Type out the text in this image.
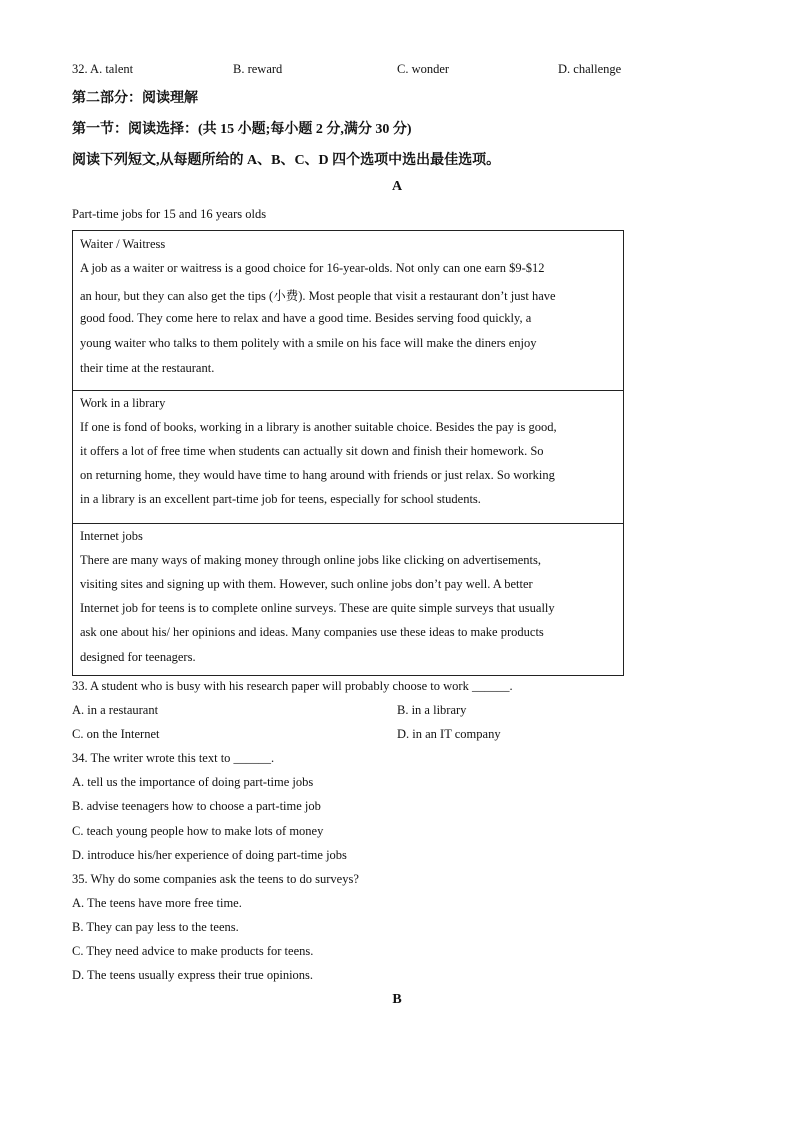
32. A. talent	B. reward	C. wonder	D. challenge
第二部分：阅读理解
第一节：阅读选择：(共 15 小题;每小题 2 分,满分 30 分)
阅读下列短文,从每题所给的 A、B、C、D 四个选项中选出最佳选项。
A
Part-time jobs for 15 and 16 years olds
Waiter / Waitress
A job as a waiter or waitress is a good choice for 16-year-olds. Not only can one earn $9-$12
an hour, but they can also get the tips (小费). Most people that visit a restaurant don’t just have
good food. They come here to relax and have a good time. Besides serving food quickly, a
young waiter who talks to them politely with a smile on his face will make the diners enjoy
their time at the restaurant.
Work in a library
If one is fond of books, working in a library is another suitable choice. Besides the pay is good,
it offers a lot of free time when students can actually sit down and finish their homework. So
on returning home, they would have time to hang around with friends or just relax. So working
in a library is an excellent part-time job for teens, especially for school students.
Internet jobs
There are many ways of making money through online jobs like clicking on advertisements,
visiting sites and signing up with them. However, such online jobs don’t pay well. A better
Internet job for teens is to complete online surveys. These are quite simple surveys that usually
ask one about his/ her opinions and ideas. Many companies use these ideas to make products
designed for teenagers.
33. A student who is busy with his research paper will probably choose to work ______.
A. in a restaurant	B. in a library
C. on the Internet	D. in an IT company
34. The writer wrote this text to ______.
A. tell us the importance of doing part-time jobs
B. advise teenagers how to choose a part-time job
C. teach young people how to make lots of money
D. introduce his/her experience of doing part-time jobs
35. Why do some companies ask the teens to do surveys?
A. The teens have more free time.
B. They can pay less to the teens.
C. They need advice to make products for teens.
D. The teens usually express their true opinions.
B
